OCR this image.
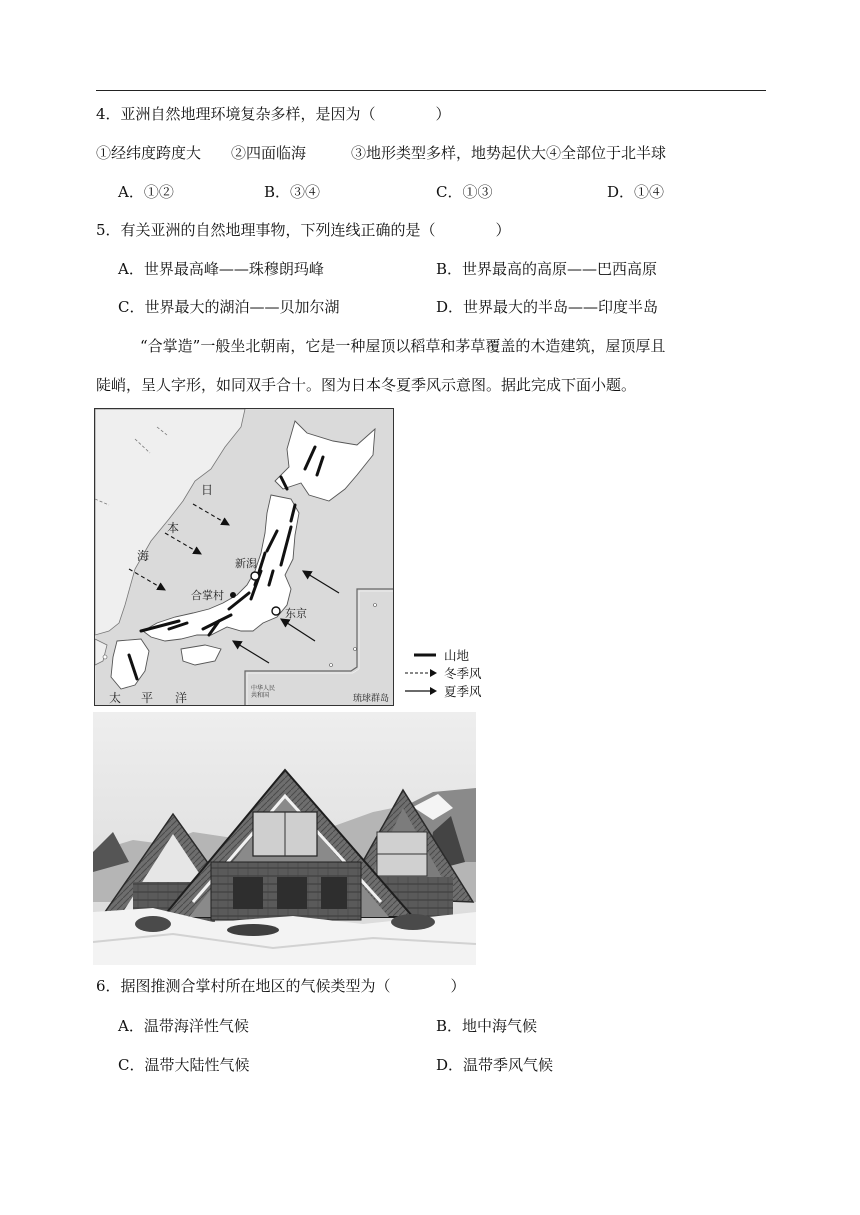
4．亚洲自然地理环境复杂多样，是因为（　　　　）
①经纬度跨度大　　②四面临海　　　③地形类型多样，地势起伏大④全部位于北半球
A．①②	B．③④	C．①③	D．①④
5．有关亚洲的自然地理事物，下列连线正确的是（　　　　）
A．世界最高峰——珠穆朗玛峰	B．世界最高的高原——巴西高原
C．世界最大的湖泊——贝加尔湖	D．世界最大的半岛——印度半岛
“合掌造”一般坐北朝南，它是一种屋顶以稻草和茅草覆盖的木造建筑，屋顶厚且
陡峭，呈人字形，如同双手合十。图为日本冬夏季风示意图。据此完成下面小题。
日
本
海
新潟
合掌村
东京
太 平 洋
中华人民
共和国	琉球群岛
山地
冬季风
夏季风
6．据图推测合掌村所在地区的气候类型为（　　　　）
A．温带海洋性气候	B．地中海气候
C．温带大陆性气候	D．温带季风气候
